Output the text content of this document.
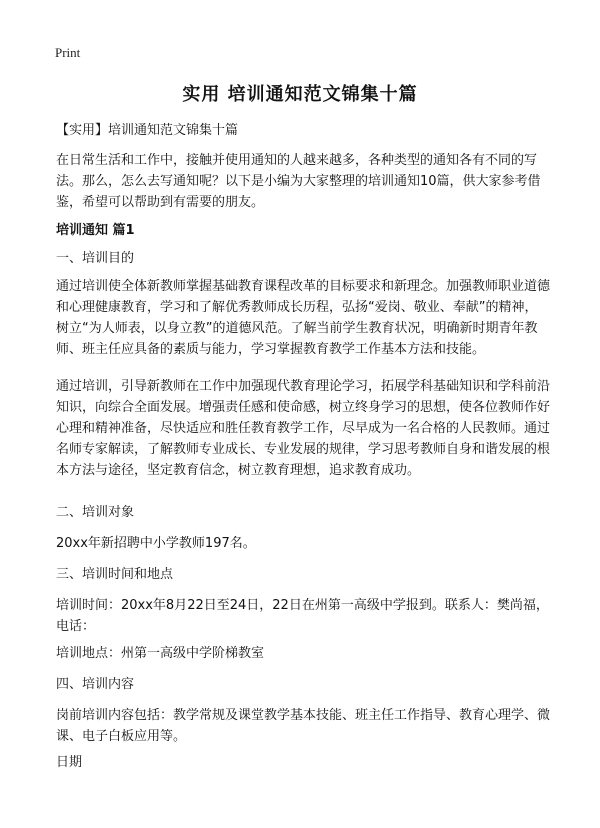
Print
实用 培训通知范文锦集十篇

【实用】培训通知范文锦集十篇

在日常生活和工作中，接触并使用通知的人越来越多，各种类型的通知各有不同的写法。那么，怎么去写通知呢？以下是小编为大家整理的培训通知10篇，供大家参考借鉴，希望可以帮助到有需要的朋友。

培训通知 篇1

一、培训目的

通过培训使全体新教师掌握基础教育课程改革的目标要求和新理念。加强教师职业道德和心理健康教育，学习和了解优秀教师成长历程，弘扬“爱岗、敬业、奉献”的精神，树立“为人师表，以身立教”的道德风范。了解当前学生教育状况，明确新时期青年教师、班主任应具备的素质与能力，学习掌握教育教学工作基本方法和技能。

通过培训，引导新教师在工作中加强现代教育理论学习，拓展学科基础知识和学科前沿知识，向综合全面发展。增强责任感和使命感，树立终身学习的思想，使各位教师作好心理和精神准备，尽快适应和胜任教育教学工作，尽早成为一名合格的人民教师。通过名师专家解读，了解教师专业成长、专业发展的规律，学习思考教师自身和谐发展的根本方法与途径，坚定教育信念，树立教育理想，追求教育成功。

二、培训对象

20xx年新招聘中小学教师197名。

三、培训时间和地点

培训时间：20xx年8月22日至24日，22日在州第一高级中学报到。联系人：樊尚福，电话：

培训地点：州第一高级中学阶梯教室

四、培训内容

岗前培训内容包括：教学常规及课堂教学基本技能、班主任工作指导、教育心理学、微课、电子白板应用等。

日期
